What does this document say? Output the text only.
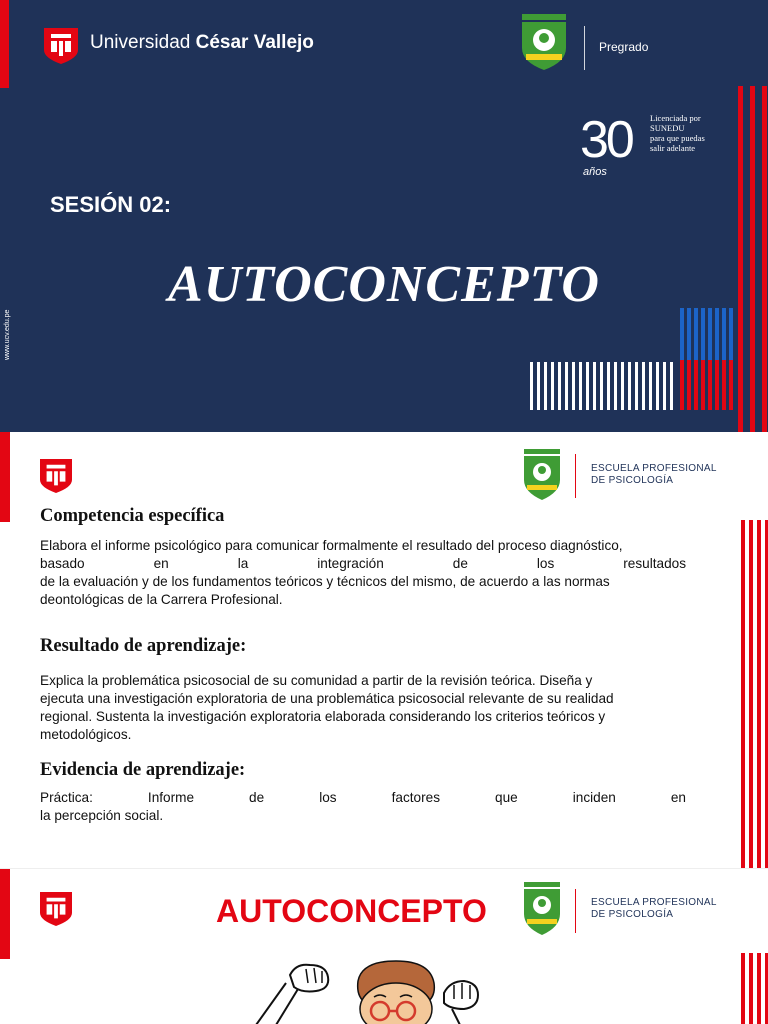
Universidad César Vallejo	Pregrado
30
años
Licenciada por
SUNEDU
para que puedas
salir adelante
SESIÓN 02:
AUTOCONCEPTO
www.ucv.edu.pe
ESCUELA PROFESIONAL
DE PSICOLOGÍA
Competencia específica
Elabora el informe psicológico para comunicar formalmente el resultado del proceso diagnóstico,
basado en la integración de los resultados
de la evaluación y de los fundamentos teóricos y técnicos del mismo, de acuerdo a las normas
deontológicas de la Carrera Profesional.
Resultado de aprendizaje:
Explica la problemática psicosocial de su comunidad a partir de la revisión teórica. Diseña y
ejecuta una investigación exploratoria de una problemática psicosocial relevante de su realidad
regional. Sustenta la investigación exploratoria elaborada considerando los criterios teóricos y
metodológicos.
Evidencia de aprendizaje:
Práctica: Informe de los factores que inciden en
la percepción social.
AUTOCONCEPTO	ESCUELA PROFESIONAL
DE PSICOLOGÍA
